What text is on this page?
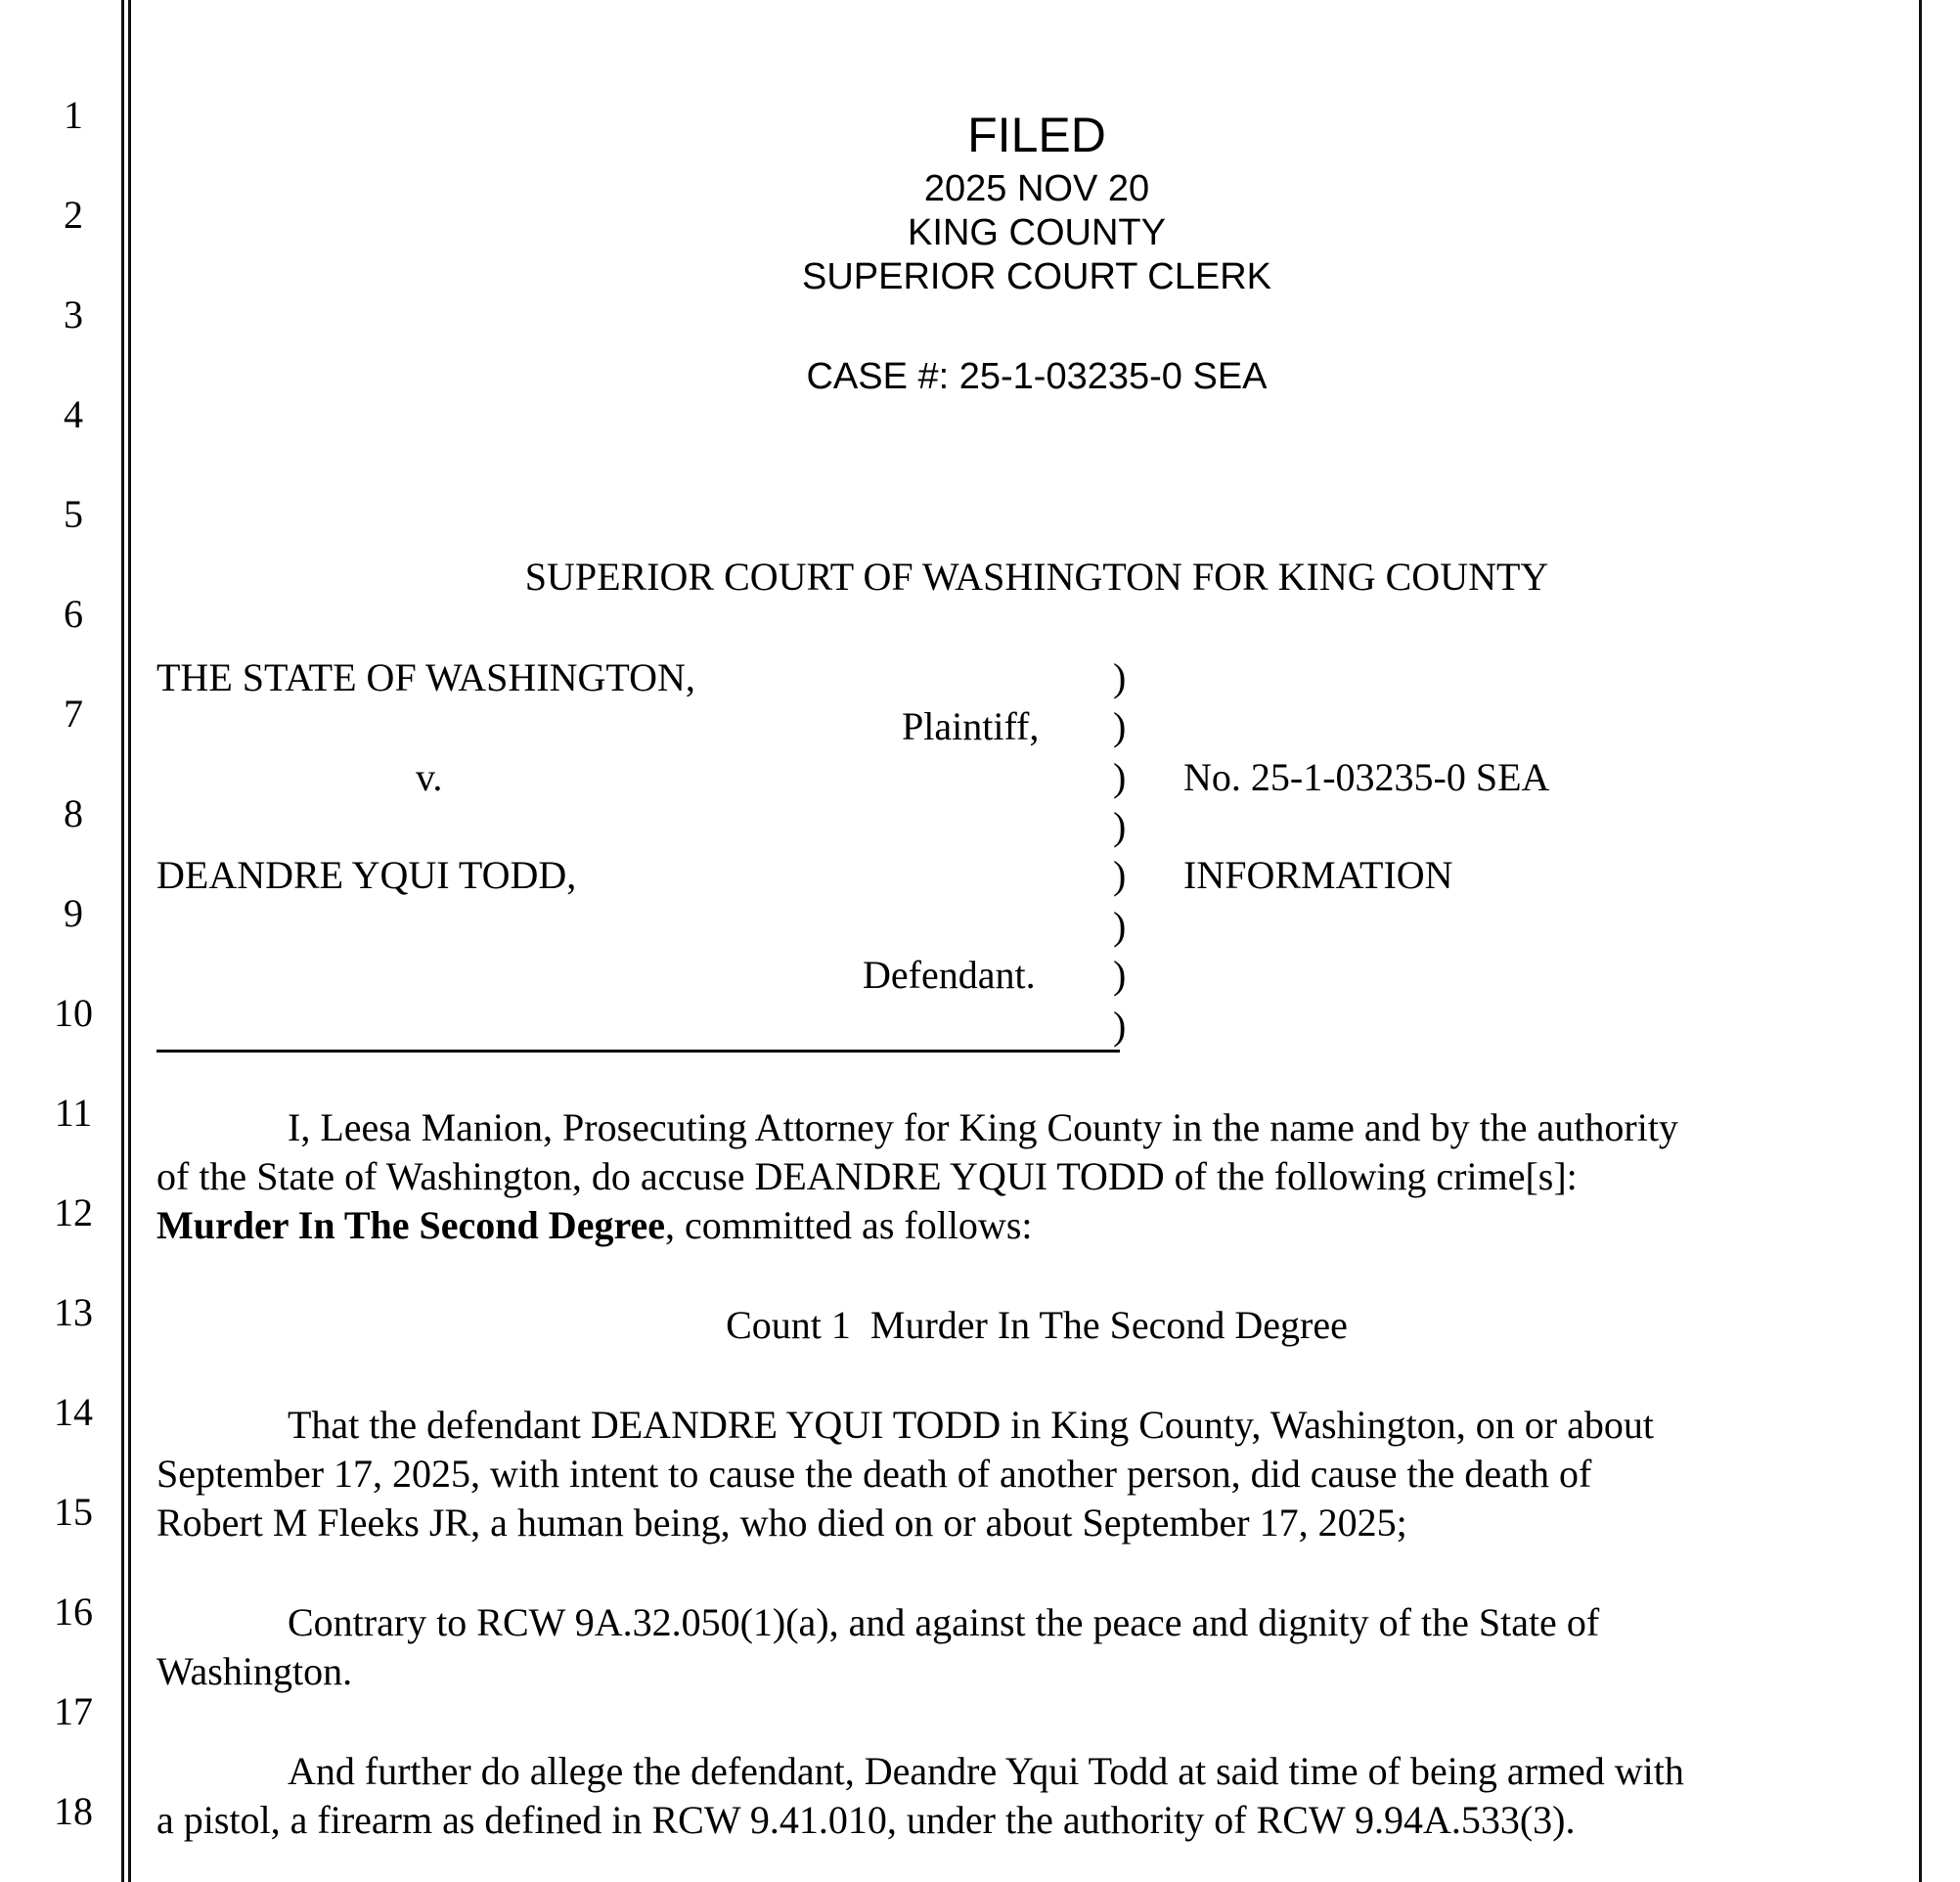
1
2
3
4
5
6
7
8
9
10
11
12
13
14
15
16
17
18
FILED
2025 NOV 20
KING COUNTY
SUPERIOR COURT CLERK
CASE #: 25-1-03235-0 SEA
SUPERIOR COURT OF WASHINGTON FOR KING COUNTY
THE STATE OF WASHINGTON,
Plaintiff,
v.
DEANDRE YQUI TODD,
Defendant.
)
)
)
)
)
)
)
)
No. 25-1-03235-0 SEA
INFORMATION
I, Leesa Manion, Prosecuting Attorney for King County in the name and by the authority
of the State of Washington, do accuse DEANDRE YQUI TODD of the following crime[s]:
Murder In The Second Degree, committed as follows:
Count 1  Murder In The Second Degree
That the defendant DEANDRE YQUI TODD in King County, Washington, on or about
September 17, 2025, with intent to cause the death of another person, did cause the death of
Robert M Fleeks JR, a human being, who died on or about September 17, 2025;
Contrary to RCW 9A.32.050(1)(a), and against the peace and dignity of the State of
Washington.
And further do allege the defendant, Deandre Yqui Todd at said time of being armed with
a pistol, a firearm as defined in RCW 9.41.010, under the authority of RCW 9.94A.533(3).
